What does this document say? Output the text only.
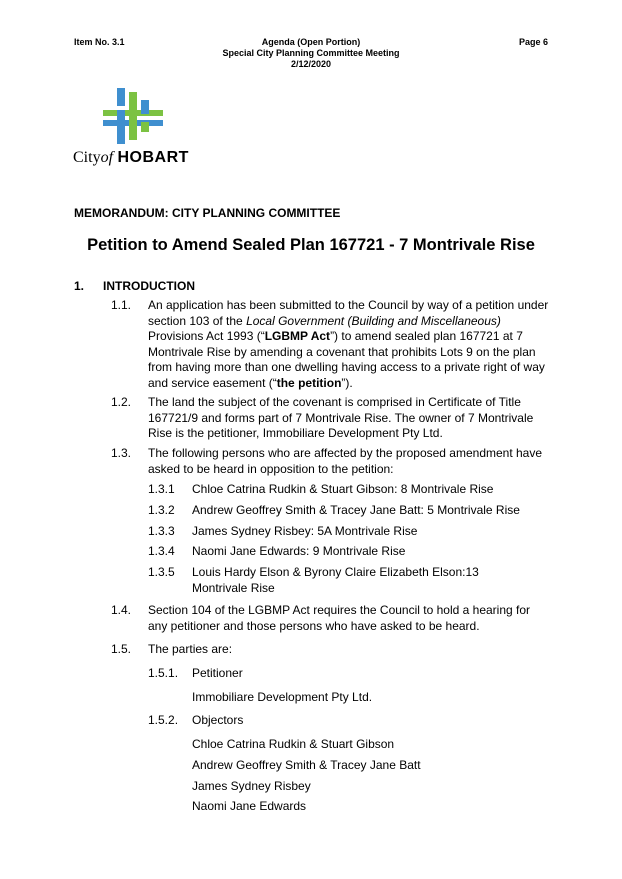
Item No. 3.1	Agenda (Open Portion)
Special City Planning Committee Meeting
2/12/2020
Page 6
Cityof HOBART
MEMORANDUM: CITY PLANNING COMMITTEE
Petition to Amend Sealed Plan 167721 - 7 Montrivale Rise
1. INTRODUCTION
1.1. An application has been submitted to the Council by way of a petition under section 103 of the Local Government (Building and Miscellaneous) Provisions Act 1993 (“LGBMP Act”) to amend sealed plan 167721 at 7 Montrivale Rise by amending a covenant that prohibits Lots 9 on the plan from having more than one dwelling having access to a private right of way and service easement (“the petition”).
1.2. The land the subject of the covenant is comprised in Certificate of Title 167721/9 and forms part of 7 Montrivale Rise. The owner of 7 Montrivale Rise is the petitioner, Immobiliare Development Pty Ltd.
1.3. The following persons who are affected by the proposed amendment have asked to be heard in opposition to the petition:
1.3.1 Chloe Catrina Rudkin & Stuart Gibson: 8 Montrivale Rise
1.3.2 Andrew Geoffrey Smith & Tracey Jane Batt: 5 Montrivale Rise
1.3.3 James Sydney Risbey: 5A Montrivale Rise
1.3.4 Naomi Jane Edwards: 9 Montrivale Rise
1.3.5 Louis Hardy Elson & Byrony Claire Elizabeth Elson:13 Montrivale Rise
1.4. Section 104 of the LGBMP Act requires the Council to hold a hearing for any petitioner and those persons who have asked to be heard.
1.5. The parties are:
1.5.1. Petitioner
Immobiliare Development Pty Ltd.
1.5.2. Objectors
Chloe Catrina Rudkin & Stuart Gibson
Andrew Geoffrey Smith & Tracey Jane Batt
James Sydney Risbey
Naomi Jane Edwards
